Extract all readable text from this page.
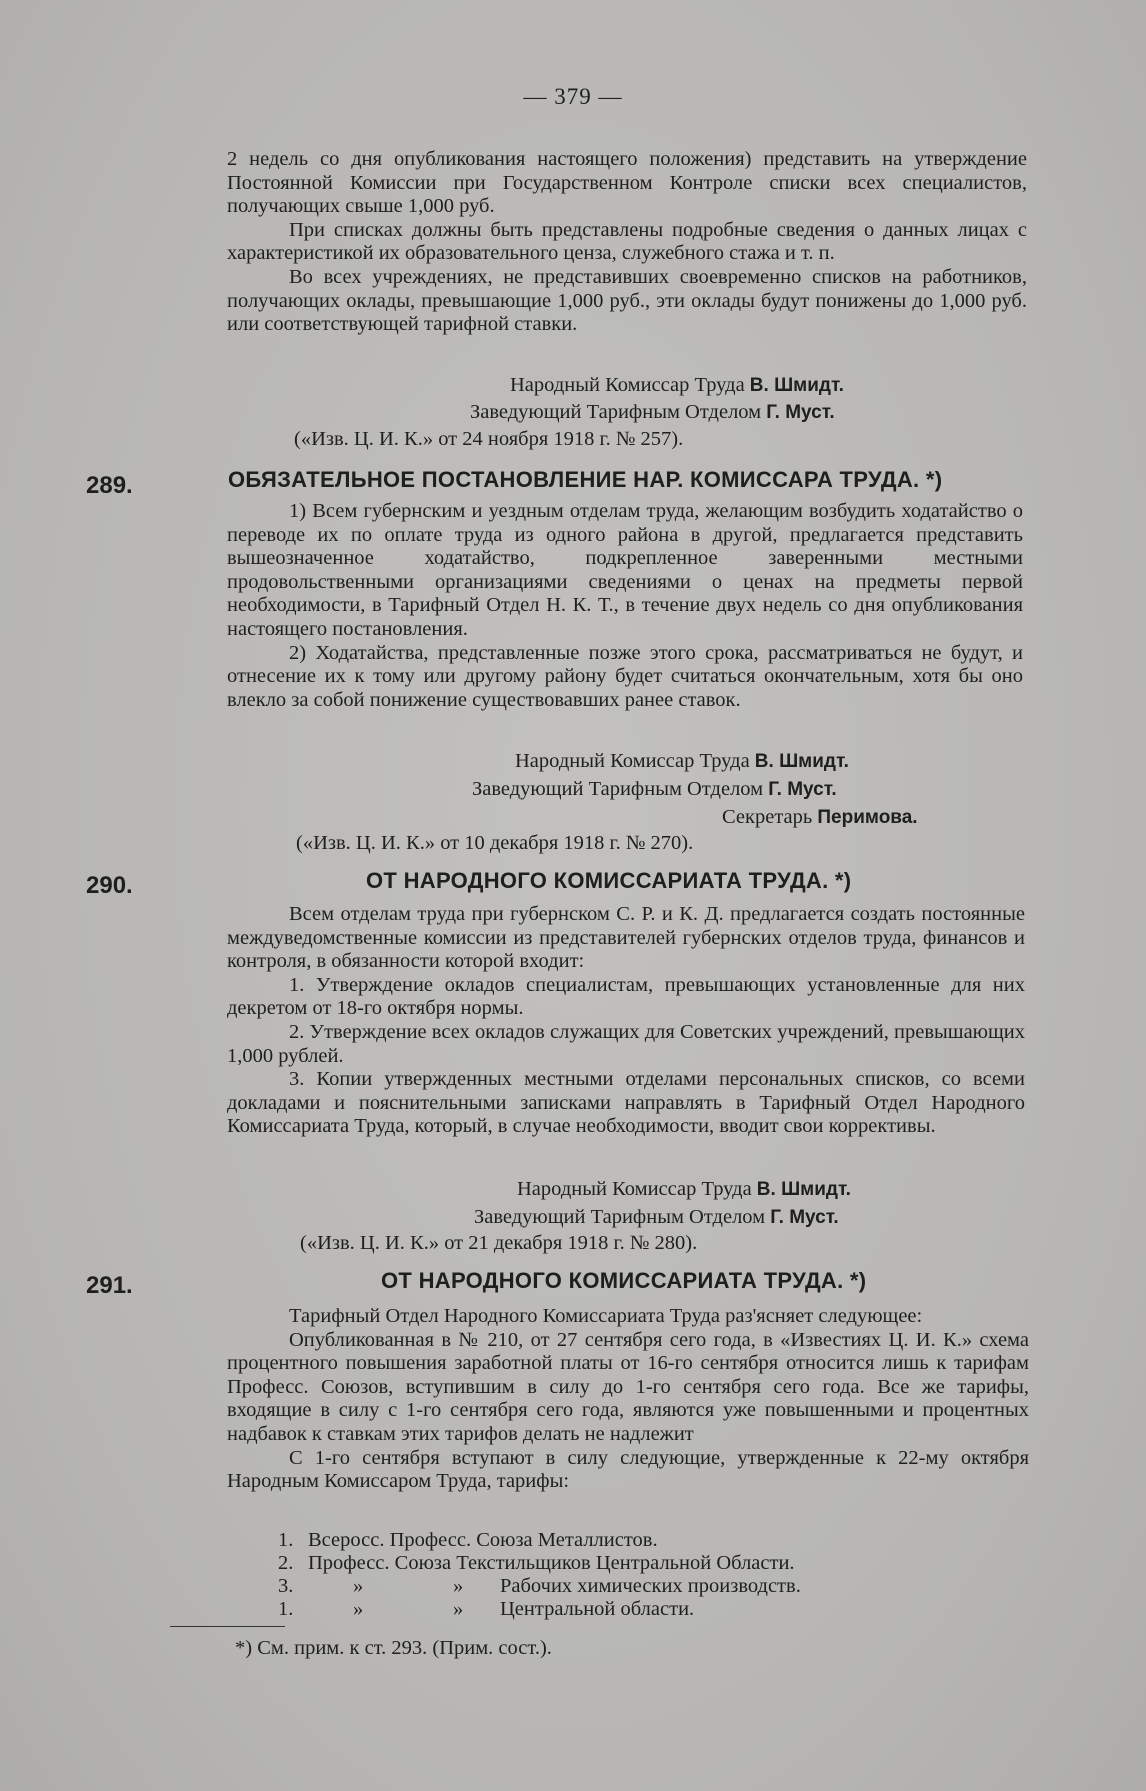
— 379 —

2 недель со дня опубликования настоящего положения) представить на утверждение Постоянной Комиссии при Государственном Контроле списки всех специалистов, получающих свыше 1,000 руб.

При списках должны быть представлены подробные сведения о данных лицах с характеристикой их образовательного ценза, служебного стажа и т. п.

Во всех учреждениях, не представивших своевременно списков на работников, получающих оклады, превышающие 1,000 руб., эти оклады будут понижены до 1,000 руб. или соответствующей тарифной ставки.

Народный Комиссар Труда В. Шмидт.
Заведующий Тарифным Отделом Г. Муст.
(«Изв. Ц. И. К.» от 24 ноября 1918 г. № 257).
289.	ОБЯЗАТЕЛЬНОЕ ПОСТАНОВЛЕНИЕ НАР. КОМИССАРА ТРУДА. *)

1) Всем губернским и уездным отделам труда, желающим возбудить ходатайство о переводе их по оплате труда из одного района в другой, предлагается представить вышеозначенное ходатайство, подкрепленное заверенными местными продовольственными организациями сведениями о ценах на предметы первой необходимости, в Тарифный Отдел Н. К. Т., в течение двух недель со дня опубликования настоящего постановления.

2) Ходатайства, представленные позже этого срока, рассматриваться не будут, и отнесение их к тому или другому району будет считаться окончательным, хотя бы оно влекло за собой понижение существовавших ранее ставок.

Народный Комиссар Труда В. Шмидт.
Заведующий Тарифным Отделом Г. Муст.
Секретарь Перимова.
(«Изв. Ц. И. К.» от 10 декабря 1918 г. № 270).
290.	ОТ НАРОДНОГО КОМИССАРИАТА ТРУДА. *)

Всем отделам труда при губернском С. Р. и К. Д. предлагается создать постоянные междуведомственные комиссии из представителей губернских отделов труда, финансов и контроля, в обязанности которой входит:

1. Утверждение окладов специалистам, превышающих установленные для них декретом от 18-го октября нормы.

2. Утверждение всех окладов служащих для Советских учреждений, превышающих 1,000 рублей.

3. Копии утвержденных местными отделами персональных списков, со всеми докладами и пояснительными записками направлять в Тарифный Отдел Народного Комиссариата Труда, который, в случае необходимости, вводит свои коррективы.

Народный Комиссар Труда В. Шмидт.
Заведующий Тарифным Отделом Г. Муст.
(«Изв. Ц. И. К.» от 21 декабря 1918 г. № 280).
291.	ОТ НАРОДНОГО КОМИССАРИАТА ТРУДА. *)

Тарифный Отдел Народного Комиссариата Труда раз'ясняет следующее:

Опубликованная в № 210, от 27 сентября сего года, в «Известиях Ц. И. К.» схема процентного повышения заработной платы от 16-го сентября относится лишь к тарифам Професс. Союзов, вступившим в силу до 1-го сентября сего года. Все же тарифы, входящие в силу с 1-го сентября сего года, являются уже повышенными и процентных надбавок к ставкам этих тарифов делать не надлежит

С 1-го сентября вступают в силу следующие, утвержденные к 22-му октября Народным Комиссаром Труда, тарифы:

1. Всеросс. Професс. Союза Металлистов.
2. Професс. Союза Текстильщиков Центральной Области.
3.	»	» Рабочих химических производств.
1.	»	» Центральной области.
*) См. прим. к ст. 293. (Прим. сост.).
